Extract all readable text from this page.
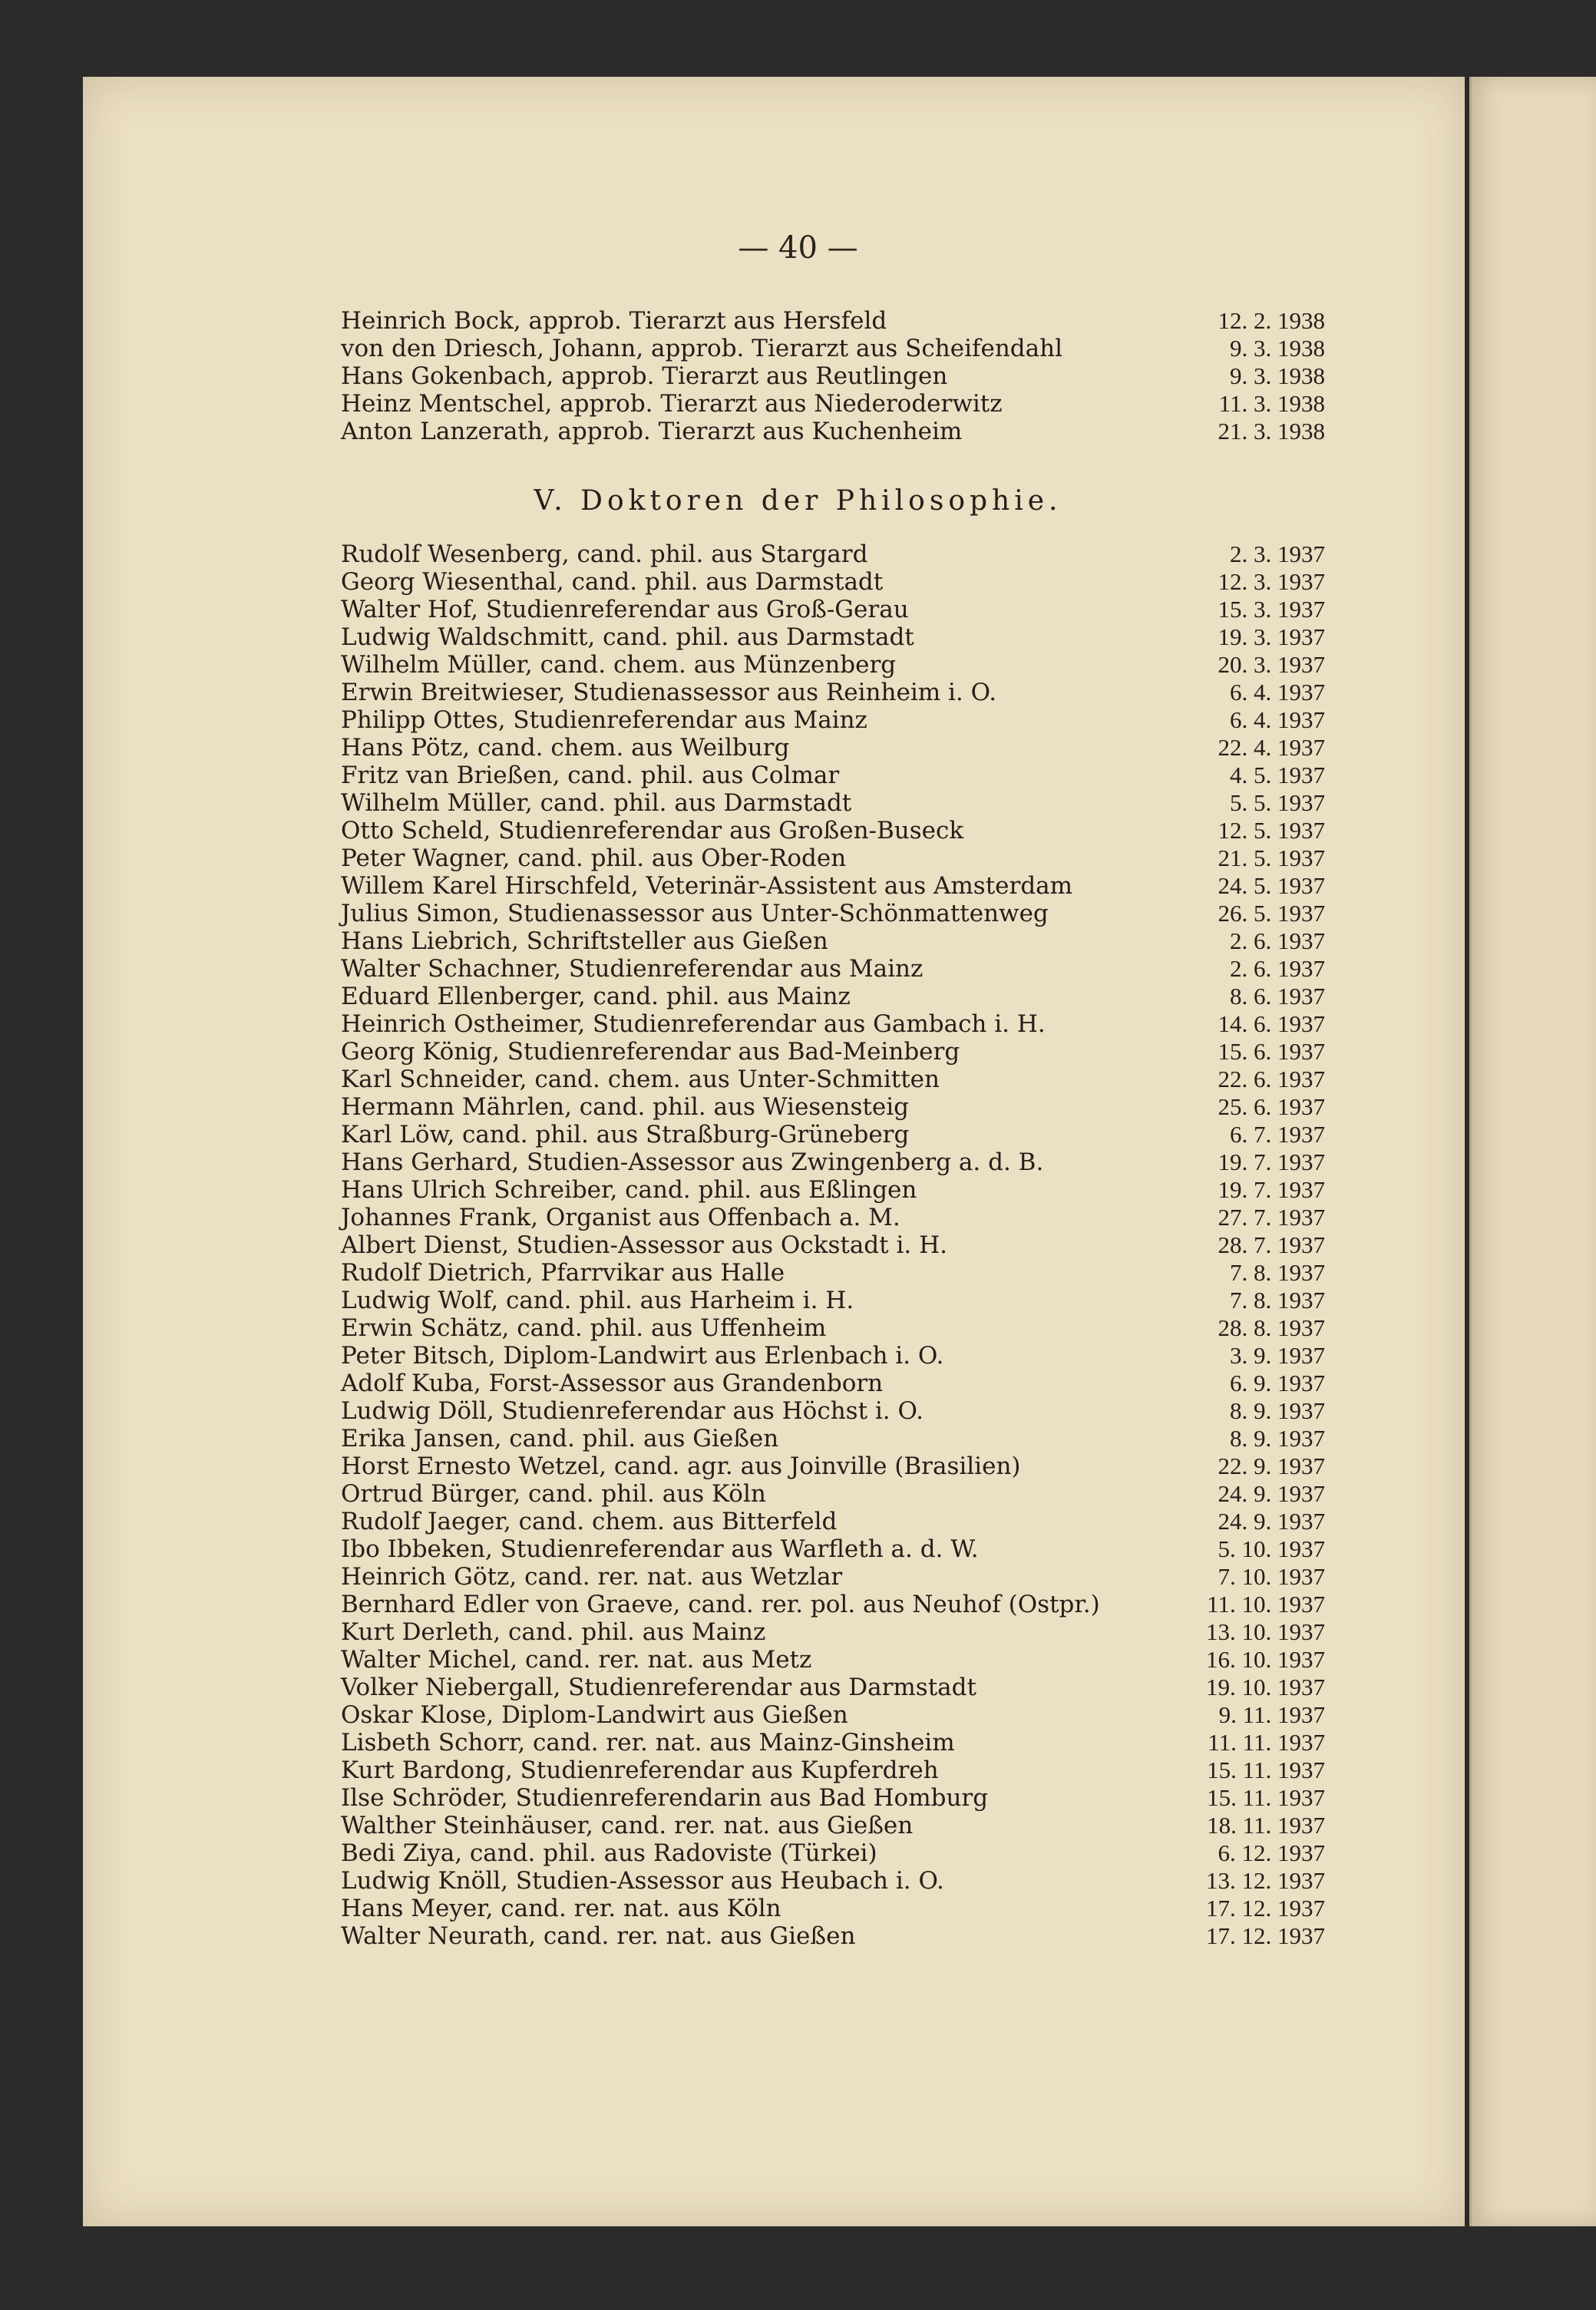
— 40 —
Heinrich Bock, approb. Tierarzt aus Hersfeld	12. 2. 1938
von den Driesch, Johann, approb. Tierarzt aus Scheifendahl	9. 3. 1938
Hans Gokenbach, approb. Tierarzt aus Reutlingen	9. 3. 1938
Heinz Mentschel, approb. Tierarzt aus Niederoderwitz	11. 3. 1938
Anton Lanzerath, approb. Tierarzt aus Kuchenheim	21. 3. 1938
V. Doktoren der Philosophie.
Rudolf Wesenberg, cand. phil. aus Stargard	2. 3. 1937
Georg Wiesenthal, cand. phil. aus Darmstadt	12. 3. 1937
Walter Hof, Studienreferendar aus Groß-Gerau	15. 3. 1937
Ludwig Waldschmitt, cand. phil. aus Darmstadt	19. 3. 1937
Wilhelm Müller, cand. chem. aus Münzenberg	20. 3. 1937
Erwin Breitwieser, Studienassessor aus Reinheim i. O.	6. 4. 1937
Philipp Ottes, Studienreferendar aus Mainz	6. 4. 1937
Hans Pötz, cand. chem. aus Weilburg	22. 4. 1937
Fritz van Brießen, cand. phil. aus Colmar	4. 5. 1937
Wilhelm Müller, cand. phil. aus Darmstadt	5. 5. 1937
Otto Scheld, Studienreferendar aus Großen-Buseck	12. 5. 1937
Peter Wagner, cand. phil. aus Ober-Roden	21. 5. 1937
Willem Karel Hirschfeld, Veterinär-Assistent aus Amsterdam	24. 5. 1937
Julius Simon, Studienassessor aus Unter-Schönmattenweg	26. 5. 1937
Hans Liebrich, Schriftsteller aus Gießen	2. 6. 1937
Walter Schachner, Studienreferendar aus Mainz	2. 6. 1937
Eduard Ellenberger, cand. phil. aus Mainz	8. 6. 1937
Heinrich Ostheimer, Studienreferendar aus Gambach i. H.	14. 6. 1937
Georg König, Studienreferendar aus Bad-Meinberg	15. 6. 1937
Karl Schneider, cand. chem. aus Unter-Schmitten	22. 6. 1937
Hermann Mährlen, cand. phil. aus Wiesensteig	25. 6. 1937
Karl Löw, cand. phil. aus Straßburg-Grüneberg	6. 7. 1937
Hans Gerhard, Studien-Assessor aus Zwingenberg a. d. B.	19. 7. 1937
Hans Ulrich Schreiber, cand. phil. aus Eßlingen	19. 7. 1937
Johannes Frank, Organist aus Offenbach a. M.	27. 7. 1937
Albert Dienst, Studien-Assessor aus Ockstadt i. H.	28. 7. 1937
Rudolf Dietrich, Pfarrvikar aus Halle	7. 8. 1937
Ludwig Wolf, cand. phil. aus Harheim i. H.	7. 8. 1937
Erwin Schätz, cand. phil. aus Uffenheim	28. 8. 1937
Peter Bitsch, Diplom-Landwirt aus Erlenbach i. O.	3. 9. 1937
Adolf Kuba, Forst-Assessor aus Grandenborn	6. 9. 1937
Ludwig Döll, Studienreferendar aus Höchst i. O.	8. 9. 1937
Erika Jansen, cand. phil. aus Gießen	8. 9. 1937
Horst Ernesto Wetzel, cand. agr. aus Joinville (Brasilien)	22. 9. 1937
Ortrud Bürger, cand. phil. aus Köln	24. 9. 1937
Rudolf Jaeger, cand. chem. aus Bitterfeld	24. 9. 1937
Ibo Ibbeken, Studienreferendar aus Warfleth a. d. W.	5. 10. 1937
Heinrich Götz, cand. rer. nat. aus Wetzlar	7. 10. 1937
Bernhard Edler von Graeve, cand. rer. pol. aus Neuhof (Ostpr.)	11. 10. 1937
Kurt Derleth, cand. phil. aus Mainz	13. 10. 1937
Walter Michel, cand. rer. nat. aus Metz	16. 10. 1937
Volker Niebergall, Studienreferendar aus Darmstadt	19. 10. 1937
Oskar Klose, Diplom-Landwirt aus Gießen	9. 11. 1937
Lisbeth Schorr, cand. rer. nat. aus Mainz-Ginsheim	11. 11. 1937
Kurt Bardong, Studienreferendar aus Kupferdreh	15. 11. 1937
Ilse Schröder, Studienreferendarin aus Bad Homburg	15. 11. 1937
Walther Steinhäuser, cand. rer. nat. aus Gießen	18. 11. 1937
Bedi Ziya, cand. phil. aus Radoviste (Türkei)	6. 12. 1937
Ludwig Knöll, Studien-Assessor aus Heubach i. O.	13. 12. 1937
Hans Meyer, cand. rer. nat. aus Köln	17. 12. 1937
Walter Neurath, cand. rer. nat. aus Gießen	17. 12. 1937
